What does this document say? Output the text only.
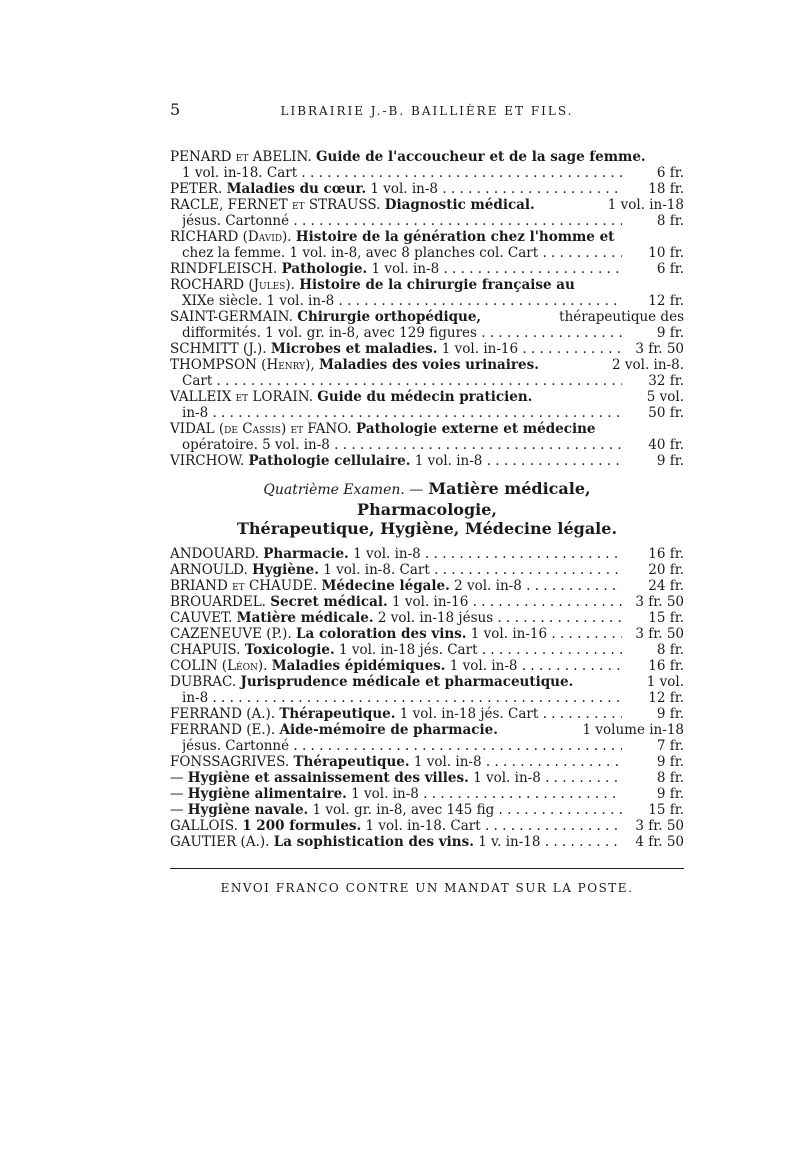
5	LIBRAIRIE J.-B. BAILLIÈRE ET FILS.
PENARD et ABELIN. Guide de l'accoucheur et de la sage femme.
1 vol. in-18. Cart . . .	6 fr.
PETER. Maladies du cœur. 1 vol. in-8 . . .	18 fr.
RACLE, FERNET et STRAUSS. Diagnostic médical.	1 vol. in-18
jésus. Cartonné . . .	8 fr.
RICHARD (David). Histoire de la génération chez l'homme et
chez la femme. 1 vol. in-8, avec 8 planches col. Cart . . .	10 fr.
RINDFLEISCH. Pathologie. 1 vol. in-8 . . .	6 fr.
ROCHARD (Jules). Histoire de la chirurgie française au
XIXe siècle. 1 vol. in-8 . . .	12 fr.
SAINT-GERMAIN. Chirurgie orthopédique,	thérapeutique des
difformités. 1 vol. gr. in-8, avec 129 figures . . .	9 fr.
SCHMITT (J.). Microbes et maladies. 1 vol. in-16 . . .	3 fr. 50
THOMPSON (Henry), Maladies des voies urinaires.	2 vol. in-8.
Cart . . .	32 fr.
VALLEIX et LORAIN. Guide du médecin praticien.	5 vol.
in-8 . . .	50 fr.
VIDAL (de Cassis) et FANO. Pathologie externe et médecine
opératoire. 5 vol. in-8 . . .	40 fr.
VIRCHOW. Pathologie cellulaire. 1 vol. in-8 . . .	9 fr.
Quatrième Examen. — Matière médicale,
Pharmacologie,
Thérapeutique, Hygiène, Médecine légale.
ANDOUARD. Pharmacie. 1 vol. in-8 . . .	16 fr.
ARNOULD. Hygiène. 1 vol. in-8. Cart . . .	20 fr.
BRIAND et CHAUDÉ. Médecine légale. 2 vol. in-8 . . .	24 fr.
BROUARDEL. Secret médical. 1 vol. in-16 . . .	3 fr. 50
CAUVET. Matière médicale. 2 vol. in-18 jésus . . .	15 fr.
CAZENEUVE (P.). La coloration des vins. 1 vol. in-16 . . .	3 fr. 50
CHAPUIS. Toxicologie. 1 vol. in-18 jés. Cart . . .	8 fr.
COLIN (Léon). Maladies épidémiques. 1 vol. in-8 . . .	16 fr.
DUBRAC. Jurisprudence médicale et pharmaceutique.	1 vol.
in-8 . . .	12 fr.
FERRAND (A.). Thérapeutique. 1 vol. in-18 jés. Cart . . .	9 fr.
FERRAND (E.). Aide-mémoire de pharmacie.	1 volume in-18
jésus. Cartonné . . .	7 fr.
FONSSAGRIVES. Thérapeutique. 1 vol. in-8 . . .	9 fr.
— Hygiène et assainissement des villes. 1 vol. in-8 . . .	8 fr.
— Hygiène alimentaire. 1 vol. in-8 . . .	9 fr.
— Hygiène navale. 1 vol. gr. in-8, avec 145 fig . . .	15 fr.
GALLOIS. 1 200 formules. 1 vol. in-18. Cart . . .	3 fr. 50
GAUTIER (A.). La sophistication des vins. 1 v. in-18 . . .	4 fr. 50
ENVOI FRANCO CONTRE UN MANDAT SUR LA POSTE.
